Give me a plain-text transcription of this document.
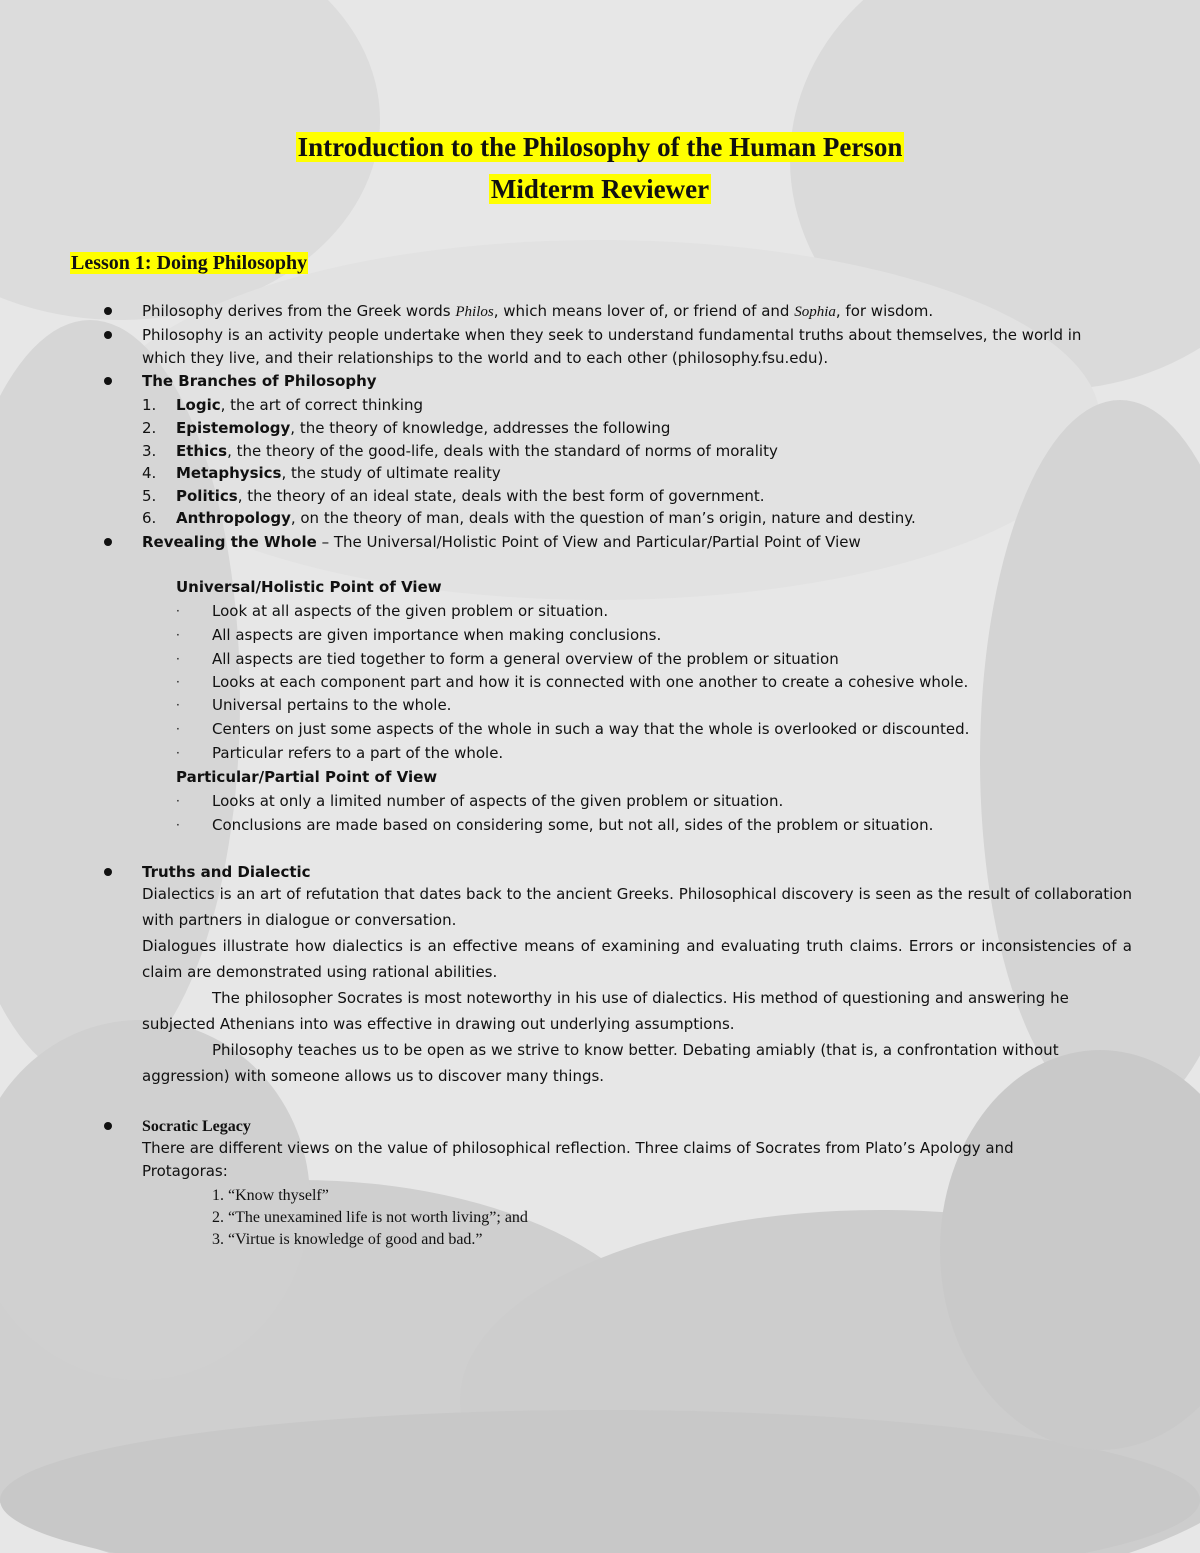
Introduction to the Philosophy of the Human Person
Midterm Reviewer
Lesson 1: Doing Philosophy
Philosophy derives from the Greek words Philos, which means lover of, or friend of and Sophia, for wisdom.
Philosophy is an activity people undertake when they seek to understand fundamental truths about themselves, the world in which they live, and their relationships to the world and to each other (philosophy.fsu.edu).
The Branches of Philosophy
1.	Logic, the art of correct thinking
2.	Epistemology, the theory of knowledge, addresses the following
3.	Ethics, the theory of the good-life, deals with the standard of norms of morality
4.	Metaphysics, the study of ultimate reality
5.	Politics, the theory of an ideal state, deals with the best form of government.
6.	Anthropology, on the theory of man, deals with the question of man’s origin, nature and destiny.
Revealing the Whole – The Universal/Holistic Point of View and Particular/Partial Point of View
Universal/Holistic Point of View
· Look at all aspects of the given problem or situation.
· All aspects are given importance when making conclusions.
· All aspects are tied together to form a general overview of the problem or situation
· Looks at each component part and how it is connected with one another to create a cohesive whole.
· Universal pertains to the whole.
· Centers on just some aspects of the whole in such a way that the whole is overlooked or discounted.
· Particular refers to a part of the whole.
Particular/Partial Point of View
· Looks at only a limited number of aspects of the given problem or situation.
· Conclusions are made based on considering some, but not all, sides of the problem or situation.
Truths and Dialectic
Dialectics is an art of refutation that dates back to the ancient Greeks. Philosophical discovery is seen as the result of collaboration with partners in dialogue or conversation.
Dialogues illustrate how dialectics is an effective means of examining and evaluating truth claims. Errors or inconsistencies of a claim are demonstrated using rational abilities.
The philosopher Socrates is most noteworthy in his use of dialectics. His method of questioning and answering he subjected Athenians into was effective in drawing out underlying assumptions.
Philosophy teaches us to be open as we strive to know better. Debating amiably (that is, a confrontation without aggression) with someone allows us to discover many things.
Socratic Legacy
There are different views on the value of philosophical reflection. Three claims of Socrates from Plato’s Apology and Protagoras:
1. “Know thyself”
2. “The unexamined life is not worth living”; and
3. “Virtue is knowledge of good and bad.”
